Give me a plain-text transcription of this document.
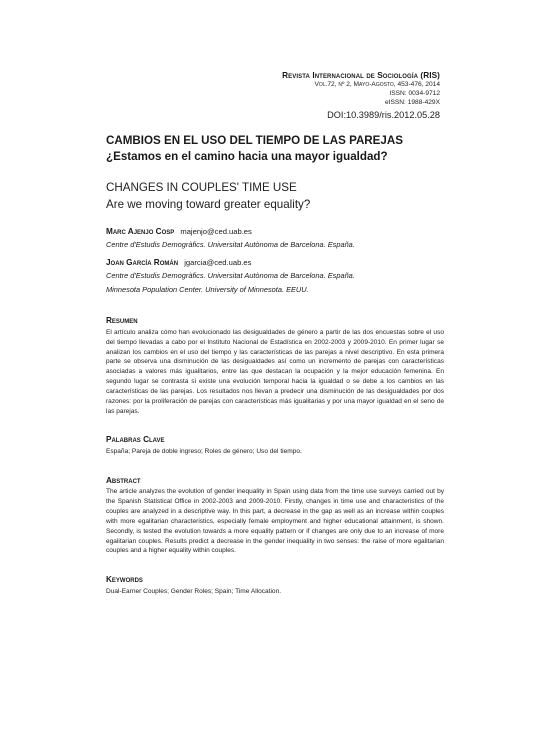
Revista Internacional de Sociología (RIS)
Vol.72, nº 2, Mayo-Agosto, 453-476, 2014
ISSN: 0034-9712
eISSN: 1988-429X
DOI:10.3989/ris.2012.05.28

CAMBIOS EN EL USO DEL TIEMPO DE LAS PAREJAS

¿Estamos en el camino hacia una mayor igualdad?

CHANGES IN COUPLES' TIME USE

Are we moving toward greater equality?

Marc Ajenjo Cosp majenjo@ced.uab.es
Centre d'Estudis Demogràfics. Universitat Autònoma de Barcelona. España.
Joan García Román jgarcia@ced.uab.es
Centre d'Estudis Demogràfics. Universitat Autònoma de Barcelona. España.
Minnesota Population Center. University of Minnesota. EEUU.

Resumen

El artículo analiza cómo han evolucionado las desigualdades de género a partir de las dos encuestas sobre el uso del tiempo llevadas a cabo por el Instituto Nacional de Estadística en 2002-2003 y 2009-2010. En primer lugar se analizan los cambios en el uso del tiempo y las características de las parejas a nivel descriptivo. En esta primera parte se observa una disminución de las desigualdades así como un incremento de parejas con características asociadas a valores más igualitarios, entre las que destacan la ocupación y la mejor educación femenina. En segundo lugar se contrasta si existe una evolución temporal hacia la igualdad o se debe a los cambios en las características de las parejas. Los resultados nos llevan a predecir una disminución de las desigualdades por dos razones: por la proliferación de parejas con características más igualitarias y por una mayor igualdad en el seno de las parejas.

Palabras Clave

España; Pareja de doble ingreso; Roles de género; Uso del tiempo.

Abstract

The article analyzes the evolution of gender inequality in Spain using data from the time use surveys carried out by the Spanish Statistical Office in 2002-2003 and 2009-2010. Firstly, changes in time use and characteristics of the couples are analyzed in a descriptive way. In this part, a decrease in the gap as well as an increase within couples with more egalitarian characteristics, especially female employment and higher educational attainment, is shown. Secondly, is tested the evolution towards a more equality pattern or if changes are only due to an increase of more egalitarian couples. Results predict a decrease in the gender inequality in two senses: the raise of more egalitarian couples and a higher equality within couples.

Keywords

Dual-Earner Couples; Gender Roles; Spain; Time Allocation.
